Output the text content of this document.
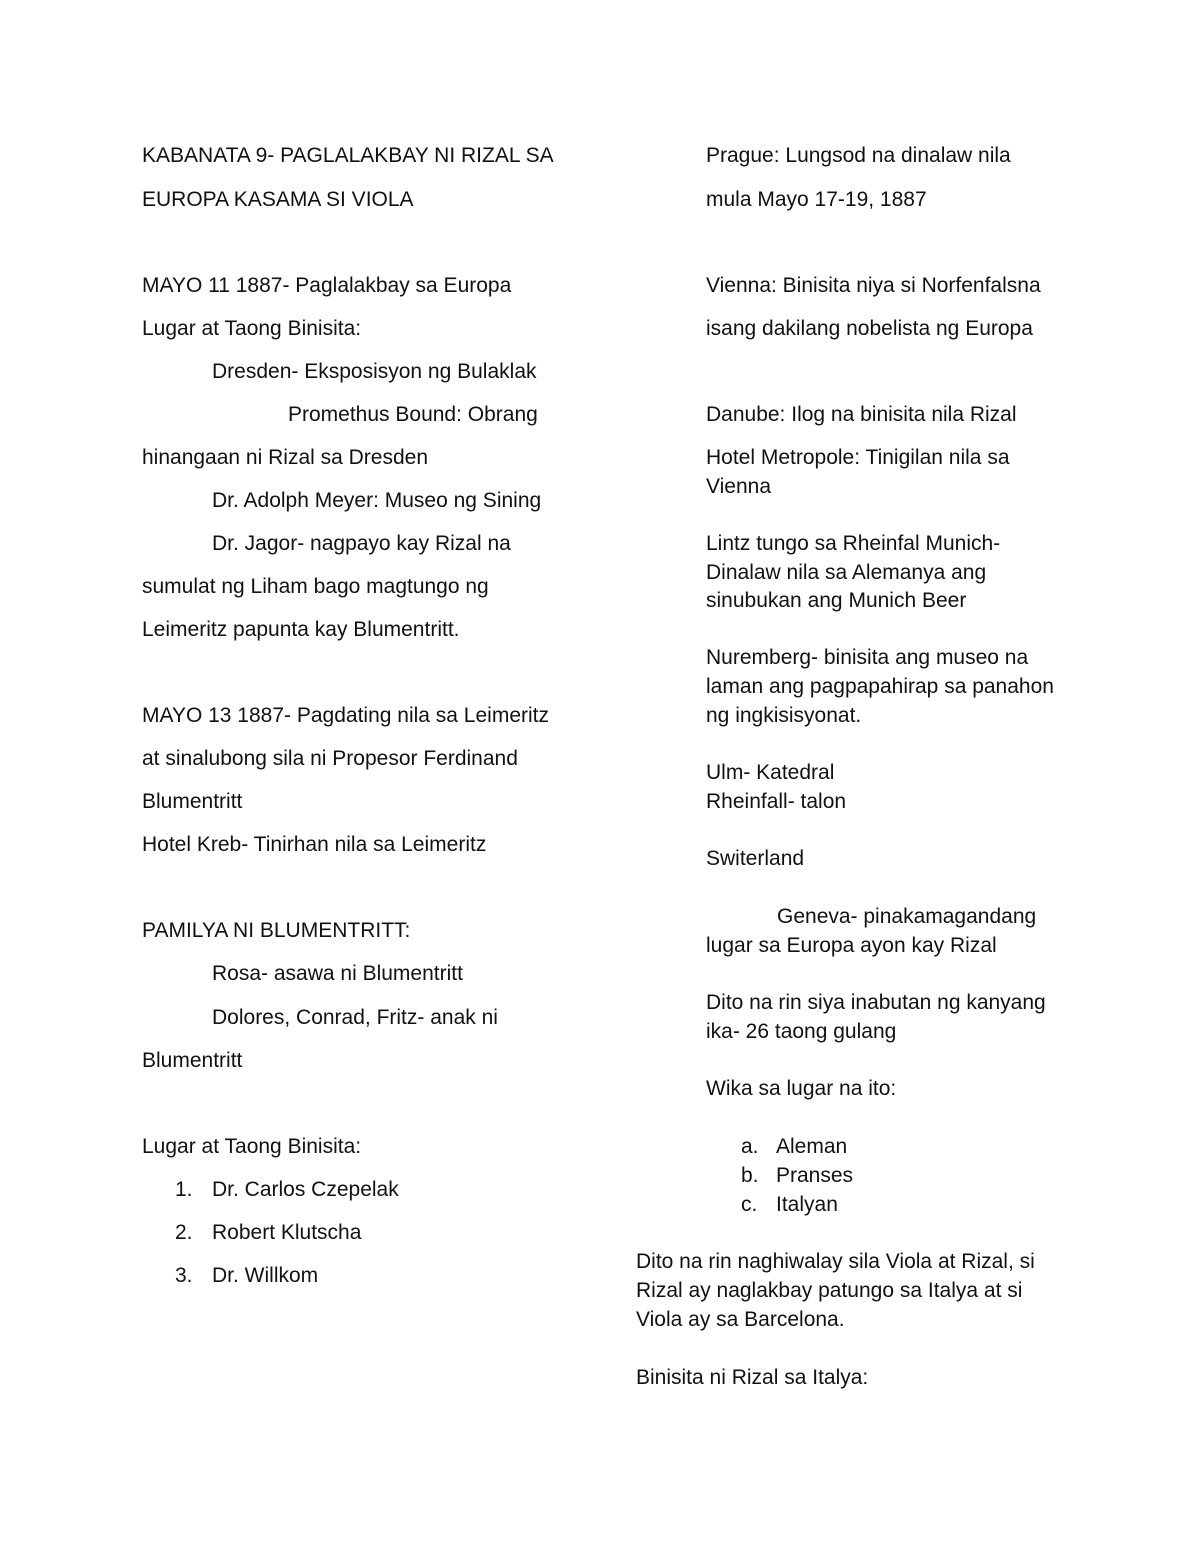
KABANATA 9- PAGLALAKBAY NI RIZAL SA
EUROPA KASAMA SI VIOLA
MAYO 11 1887- Paglalakbay sa Europa
Lugar at Taong Binisita:
Dresden- Eksposisyon ng Bulaklak
Promethus Bound: Obrang
hinangaan ni Rizal sa Dresden
Dr. Adolph Meyer: Museo ng Sining
Dr. Jagor- nagpayo kay Rizal na
sumulat ng Liham bago magtungo ng
Leimeritz papunta kay Blumentritt.
MAYO 13 1887- Pagdating nila sa Leimeritz
at sinalubong sila ni Propesor Ferdinand
Blumentritt
Hotel Kreb- Tinirhan nila sa Leimeritz
PAMILYA NI BLUMENTRITT:
Rosa- asawa ni Blumentritt
Dolores, Conrad, Fritz- anak ni
Blumentritt
Lugar at Taong Binisita:
1. Dr. Carlos Czepelak
2. Robert Klutscha
3. Dr. Willkom
Prague: Lungsod na dinalaw nila
mula Mayo 17-19, 1887
Vienna: Binisita niya si Norfenfalsna
isang dakilang nobelista ng Europa
Danube: Ilog na binisita nila Rizal
Hotel Metropole: Tinigilan nila sa
Vienna
Lintz tungo sa Rheinfal Munich-
Dinalaw nila sa Alemanya ang
sinubukan ang Munich Beer
Nuremberg- binisita ang museo na
laman ang pagpapahirap sa panahon
ng ingkisisyonat.
Ulm- Katedral
Rheinfall- talon
Switerland
Geneva- pinakamagandang
lugar sa Europa ayon kay Rizal
Dito na rin siya inabutan ng kanyang
ika- 26 taong gulang
Wika sa lugar na ito:
a. Aleman
b. Pranses
c. Italyan
Dito na rin naghiwalay sila Viola at Rizal, si
Rizal ay naglakbay patungo sa Italya at si
Viola ay sa Barcelona.
Binisita ni Rizal sa Italya:
